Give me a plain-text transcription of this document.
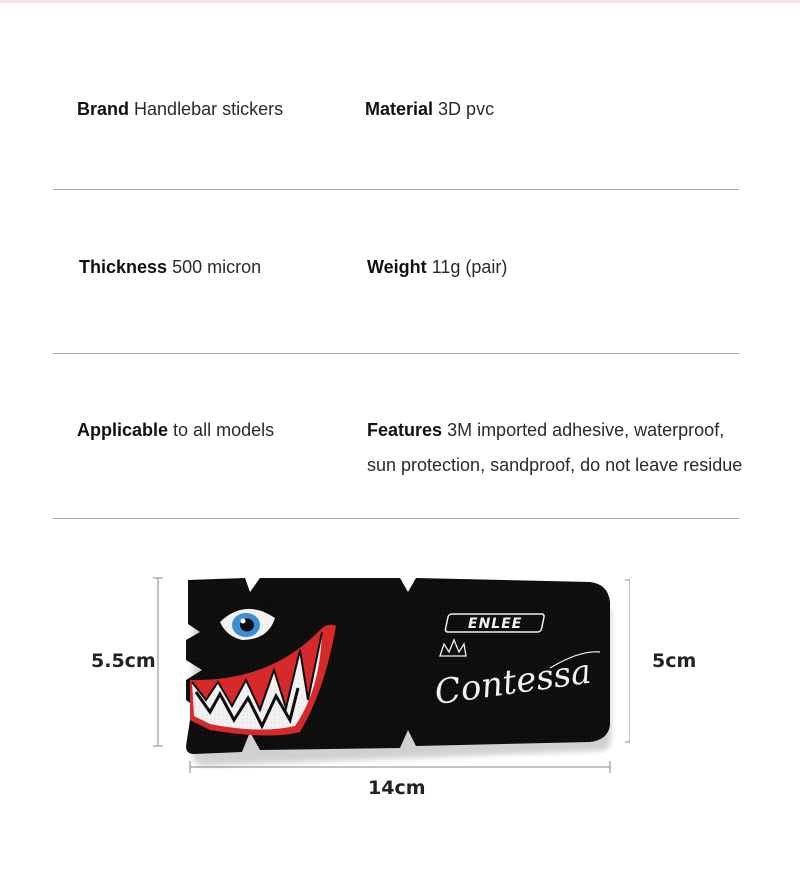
Brand Handlebar stickers	Material 3D pvc
Thickness 500 micron	Weight 11g (pair)
Applicable to all models	Features 3M imported adhesive, waterproof,
sun protection, sandproof, do not leave residue
5.5cm	5cm
14cm
ENLEE
Contessa
